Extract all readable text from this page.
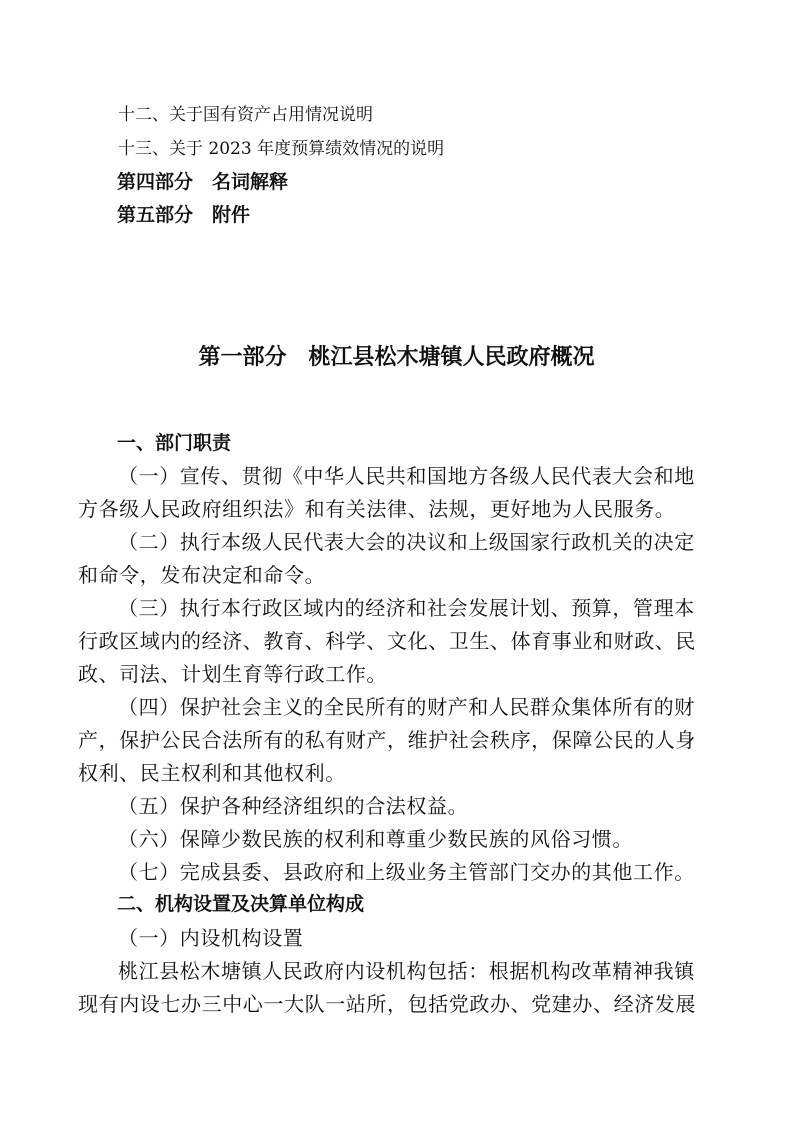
十二、关于国有资产占用情况说明
十三、关于 2023 年度预算绩效情况的说明
第四部分　名词解释
第五部分　附件
第一部分　桃江县松木塘镇人民政府概况
一、部门职责
（一）宣传、贯彻《中华人民共和国地方各级人民代表大会和地
方各级人民政府组织法》和有关法律、法规，更好地为人民服务。
（二）执行本级人民代表大会的决议和上级国家行政机关的决定
和命令，发布决定和命令。
（三）执行本行政区域内的经济和社会发展计划、预算，管理本
行政区域内的经济、教育、科学、文化、卫生、体育事业和财政、民
政、司法、计划生育等行政工作。
（四）保护社会主义的全民所有的财产和人民群众集体所有的财
产，保护公民合法所有的私有财产，维护社会秩序，保障公民的人身
权利、民主权利和其他权利。
（五）保护各种经济组织的合法权益。
（六）保障少数民族的权利和尊重少数民族的风俗习惯。
（七）完成县委、县政府和上级业务主管部门交办的其他工作。
二、机构设置及决算单位构成
（一）内设机构设置
桃江县松木塘镇人民政府内设机构包括：根据机构改革精神我镇
现有内设七办三中心一大队一站所，包括党政办、党建办、经济发展
